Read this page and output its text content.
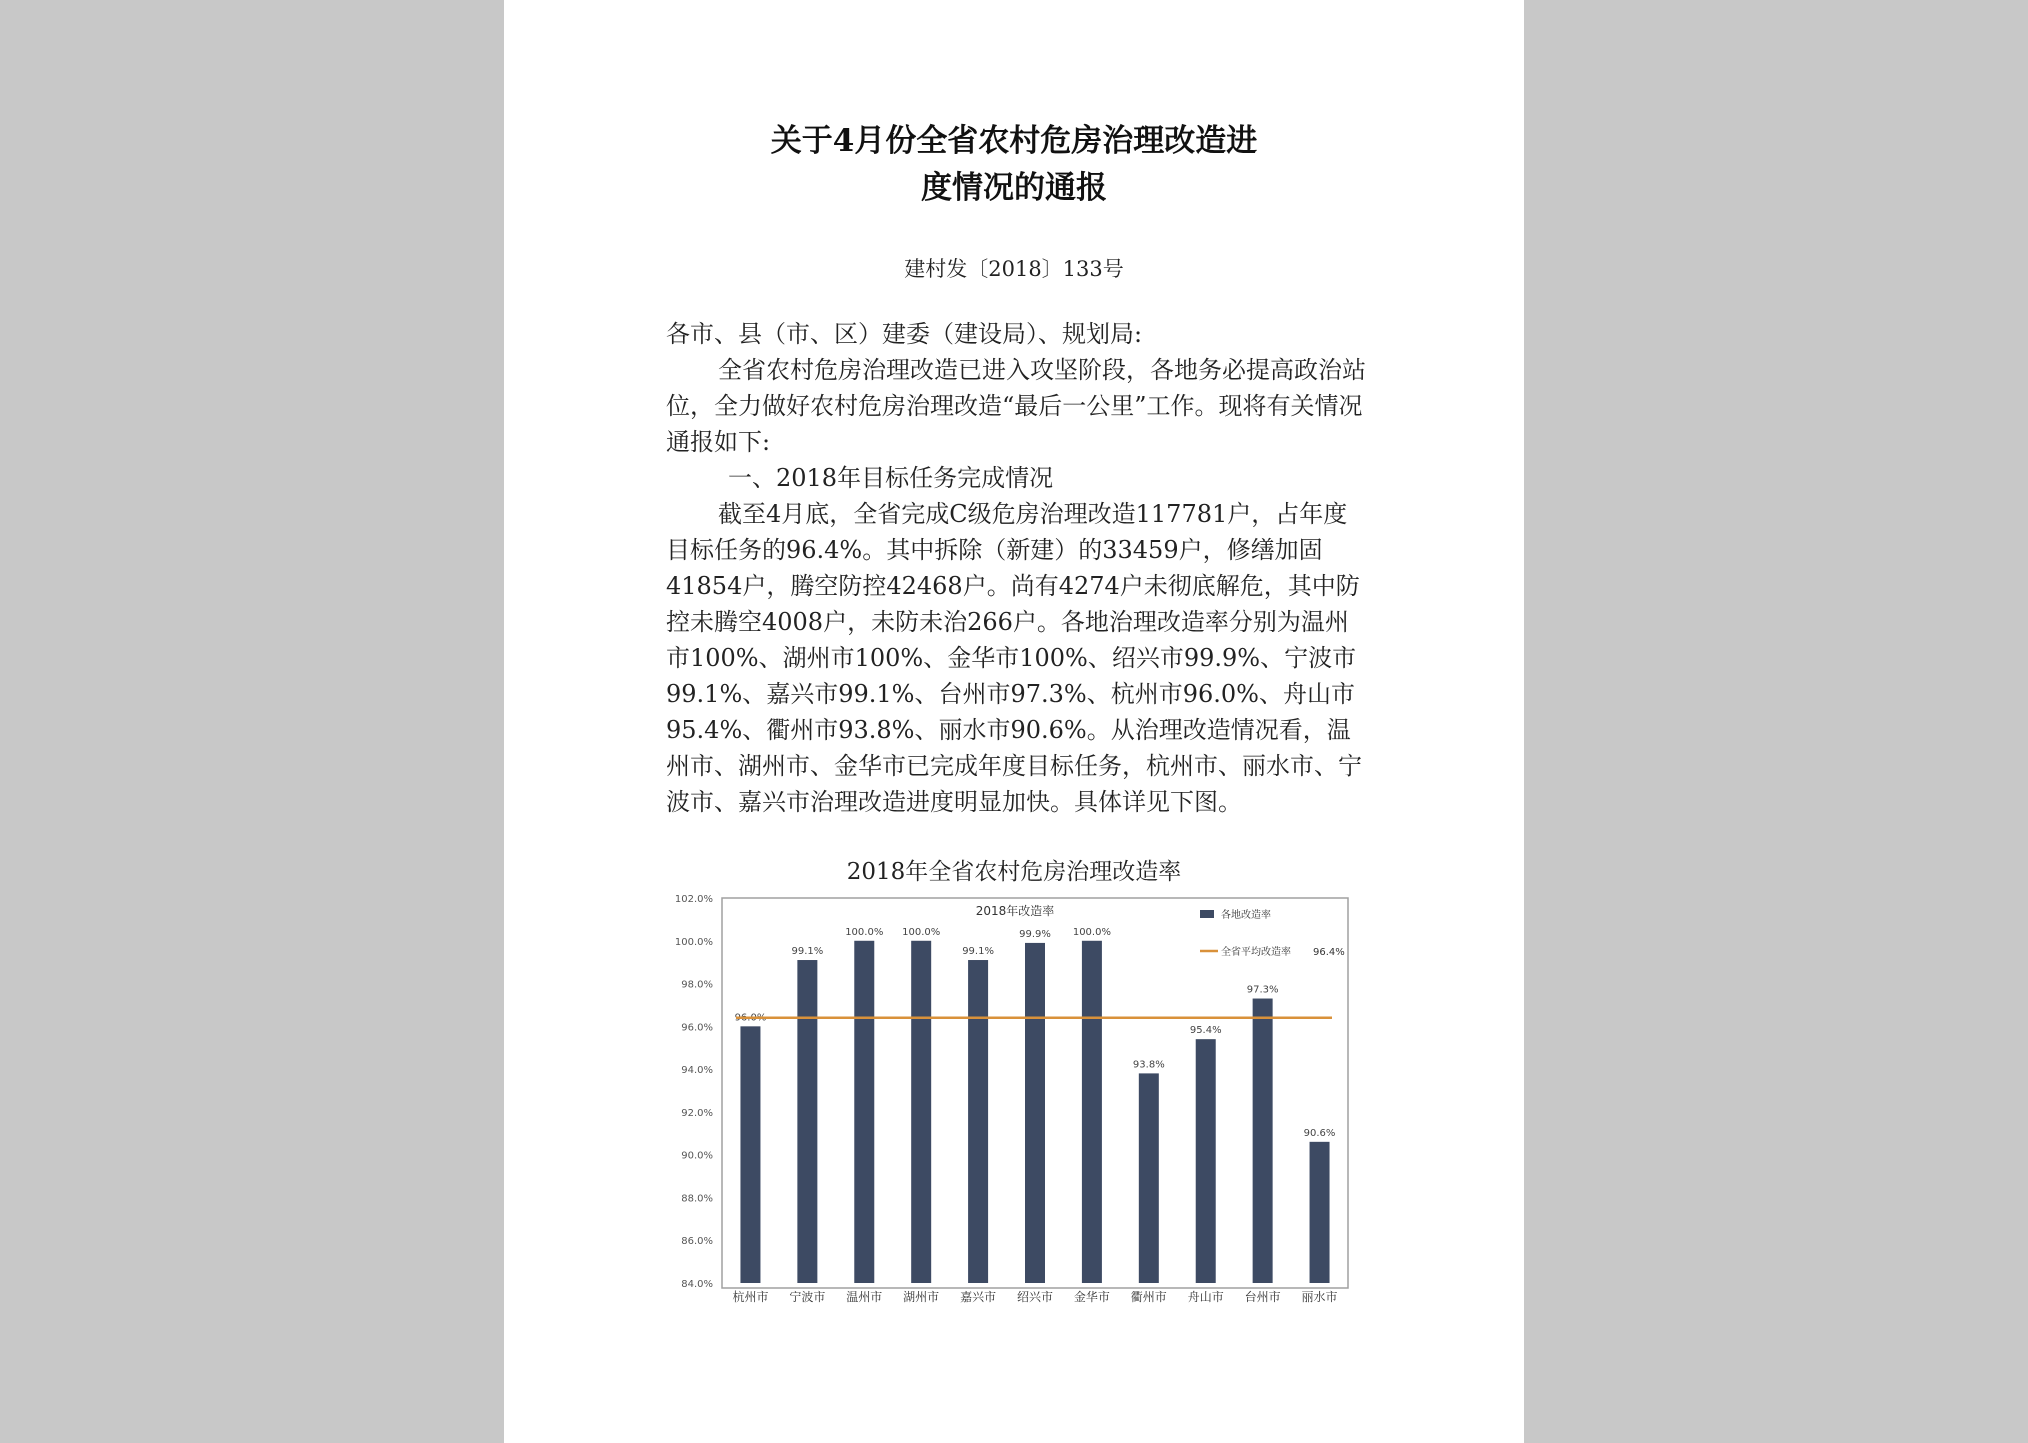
关于4月份全省农村危房治理改造进
度情况的通报
建村发〔2018〕133号

各市、县（市、区）建委（建设局）、规划局:

全省农村危房治理改造已进入攻坚阶段，各地务必提高政治站位，全力做好农村危房治理改造“最后一公里”工作。现将有关情况通报如下:

一、2018年目标任务完成情况

截至4月底，全省完成C级危房治理改造117781户，占年度目标任务的96.4%。其中拆除（新建）的33459户，修缮加固41854户，腾空防控42468户。尚有4274户未彻底解危，其中防控未腾空4008户，未防未治266户。各地治理改造率分别为温州市100%、湖州市100%、金华市100%、绍兴市99.9%、宁波市99.1%、嘉兴市99.1%、台州市97.3%、杭州市96.0%、舟山市95.4%、衢州市93.8%、丽水市90.6%。从治理改造情况看，温州市、湖州市、金华市已完成年度目标任务，杭州市、丽水市、宁波市、嘉兴市治理改造进度明显加快。具体详见下图。

2018年全省农村危房治理改造率
84.0%
86.0%
88.0%
90.0%
92.0%
94.0%
96.0%
98.0%
100.0%
102.0%
96.0%
杭州市
99.1%
宁波市
100.0%
温州市
100.0%
湖州市
99.1%
嘉兴市
99.9%
绍兴市
100.0%
金华市
93.8%
衢州市
95.4%
舟山市
97.3%
台州市
90.6%
丽水市
2018年改造率	各地改造率
全省平均改造率 96.4%
